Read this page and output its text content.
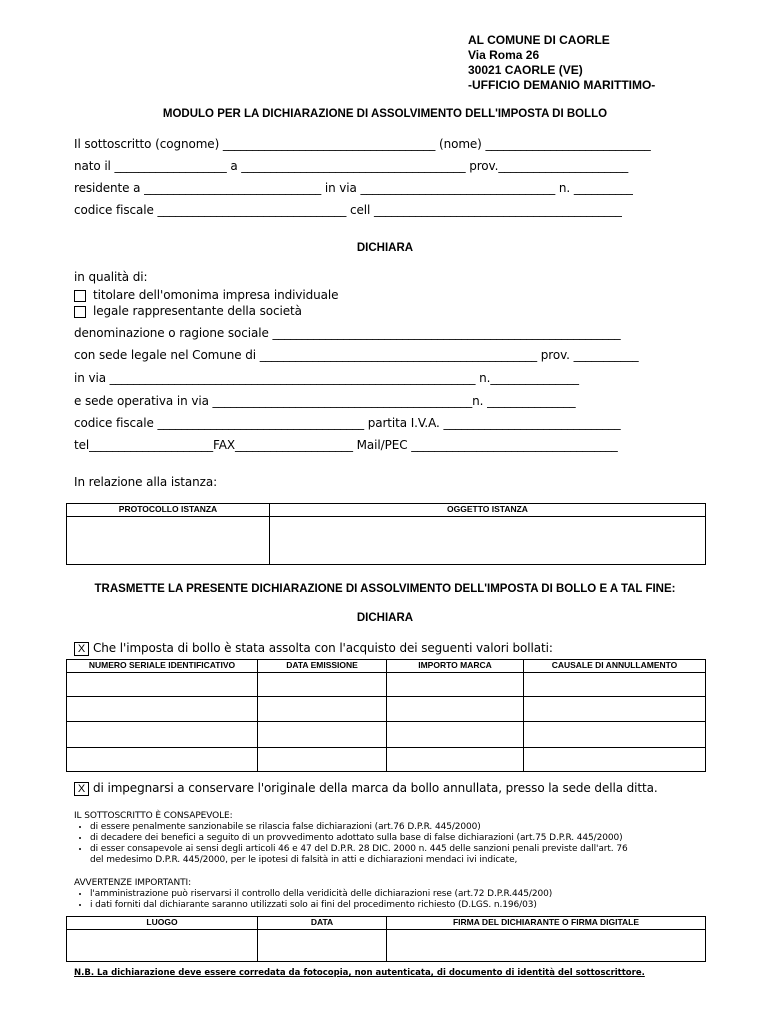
AL COMUNE DI CAORLE
Via Roma 26
30021 CAORLE (VE)
-UFFICIO DEMANIO MARITTIMO-
MODULO PER LA DICHIARAZIONE DI ASSOLVIMENTO DELL'IMPOSTA DI BOLLO
Il sottoscritto (cognome) ____________________________________ (nome) ____________________________
nato il ___________________ a ______________________________________ prov.______________________
residente a ______________________________ in via _________________________________ n. __________
codice fiscale ________________________________ cell __________________________________________
DICHIARA
in qualità di:
titolare dell'omonima impresa individuale
legale rappresentante della società
denominazione o ragione sociale ___________________________________________________________
con sede legale nel Comune di _______________________________________________ prov. ___________
in via ______________________________________________________________ n._______________
e sede operativa in via ____________________________________________n. _______________
codice fiscale ___________________________________ partita I.V.A. ______________________________
tel_____________________FAX____________________ Mail/PEC ___________________________________
In relazione alla istanza:
PROTOCOLLO ISTANZA	OGGETTO ISTANZA

TRASMETTE LA PRESENTE DICHIARAZIONE DI ASSOLVIMENTO DELL'IMPOSTA DI BOLLO E A TAL FINE:
DICHIARA
X Che l'imposta di bollo è stata assolta con l'acquisto dei seguenti valori bollati:
NUMERO SERIALE IDENTIFICATIVO	DATA EMISSIONE	IMPORTO MARCA	CAUSALE DI ANNULLAMENTO

X di impegnarsi a conservare l'originale della marca da bollo annullata, presso la sede della ditta.
IL SOTTOSCRITTO È CONSAPEVOLE:
• di essere penalmente sanzionabile se rilascia false dichiarazioni (art.76 D.P.R. 445/2000)
• di decadere dei benefici a seguito di un provvedimento adottato sulla base di false dichiarazioni (art.75 D.P.R. 445/2000)
• di esser consapevole ai sensi degli articoli 46 e 47 del D.P.R. 28 DIC. 2000 n. 445 delle sanzioni penali previste dall'art. 76
del medesimo D.P.R. 445/2000, per le ipotesi di falsità in atti e dichiarazioni mendaci ivi indicate,
AVVERTENZE IMPORTANTI:
• l'amministrazione può riservarsi il controllo della veridicità delle dichiarazioni rese (art.72 D.P.R.445/200)
• i dati forniti dal dichiarante saranno utilizzati solo ai fini del procedimento richiesto (D.LGS. n.196/03)
LUOGO	DATA	FIRMA DEL DICHIARANTE O FIRMA DIGITALE

N.B. La dichiarazione deve essere corredata da fotocopia, non autenticata, di documento di identità del sottoscrittore.
